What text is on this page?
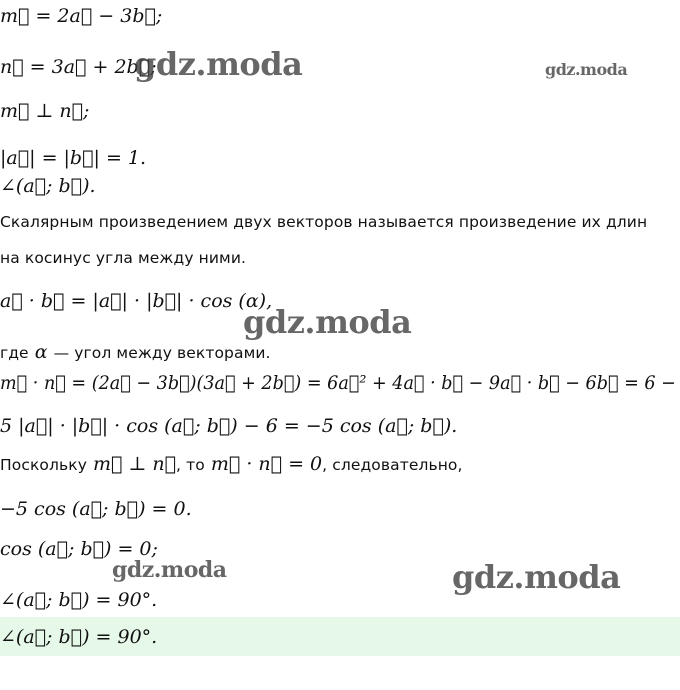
m⃗ = 2a⃗ − 3b⃗;
n⃗ = 3a⃗ + 2b⃗;
m⃗ ⊥ n⃗;
|a⃗| = |b⃗| = 1.
∠(a⃗; b⃗).
Скалярным произведением двух векторов называется произведение их длин
на косинус угла между ними.
a⃗ · b⃗ = |a⃗| · |b⃗| · cos (α),
где α — угол между векторами.
m⃗ · n⃗ = (2a⃗ − 3b⃗)(3a⃗ + 2b⃗) = 6a⃗² + 4a⃗ · b⃗ − 9a⃗ · b⃗ − 6b⃗ = 6 −
5 |a⃗| · |b⃗| · cos (a⃗; b⃗) − 6 = −5 cos (a⃗; b⃗).
Поскольку m⃗ ⊥ n⃗, то m⃗ · n⃗ = 0, следовательно,
−5 cos (a⃗; b⃗) = 0.
cos (a⃗; b⃗) = 0;
∠(a⃗; b⃗) = 90°.
∠(a⃗; b⃗) = 90°.
gdz.moda	gdz.moda
gdz.moda
gdz.moda	gdz.moda
